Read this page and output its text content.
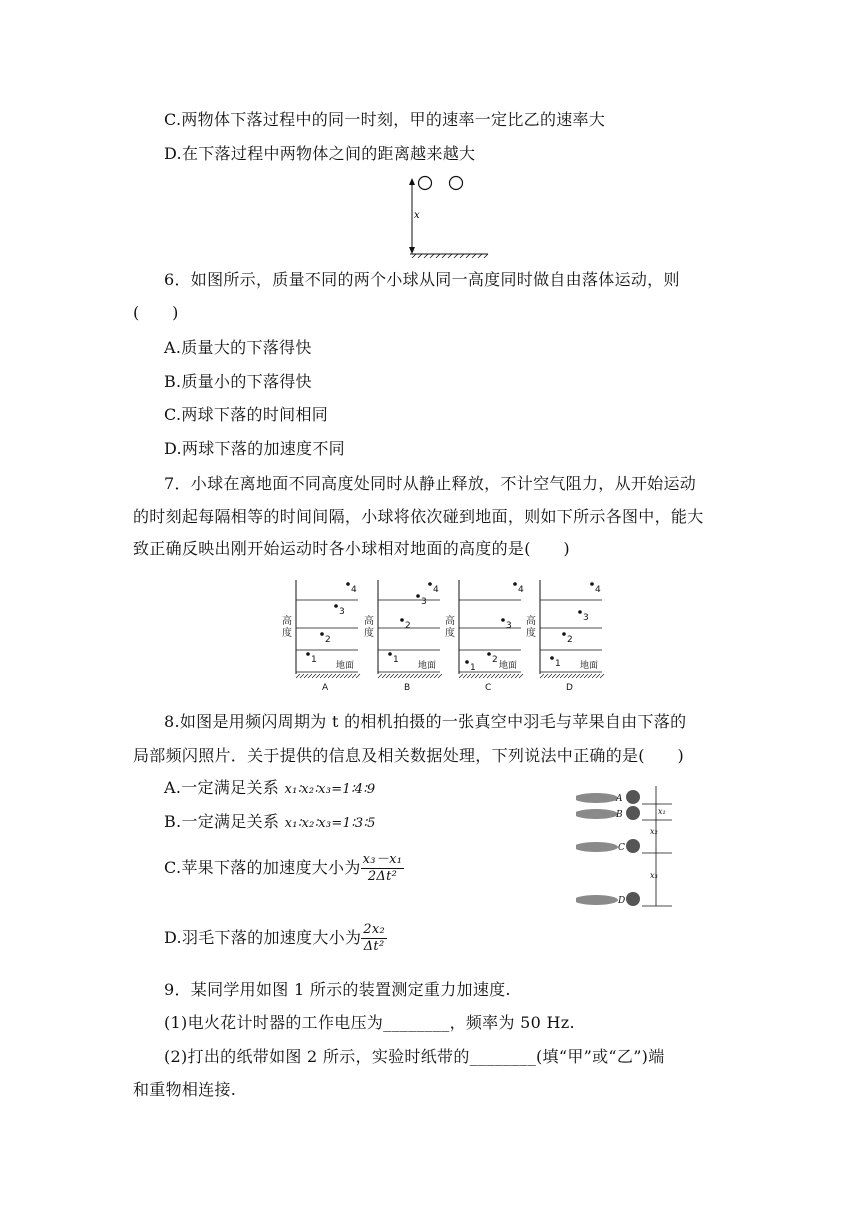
C.两物体下落过程中的同一时刻，甲的速率一定比乙的速率大
D.在下落过程中两物体之间的距离越来越大
x
6．如图所示，质量不同的两个小球从同一高度同时做自由落体运动，则
(　　)
A.质量大的下落得快
B.质量小的下落得快
C.两球下落的时间相同
D.两球下落的加速度不同
7．小球在离地面不同高度处同时从静止释放，不计空气阻力，从开始运动
的时刻起每隔相等的时间间隔，小球将依次碰到地面，则如下所示各图中，能大
致正确反映出刚开始运动时各小球相对地面的高度的是(　　)
高
度
地面
1
2
3
4
A
高
度
地面
1
2
3
4
B
高
度
地面
1
2
3
4
C
高
度
地面
1
2
3
4
D
8.如图是用频闪周期为 t 的相机拍摄的一张真空中羽毛与苹果自由下落的
局部频闪照片．关于提供的信息及相关数据处理，下列说法中正确的是(　　)
A.一定满足关系 x₁∶x₂∶x₃=1∶4∶9
B.一定满足关系 x₁∶x₂∶x₃=1∶3∶5
C.苹果下落的加速度大小为 $\frac{\text{x₃－x₁}}{\text{2Δt²}}$
D.羽毛下落的加速度大小为 $\frac{\text{2x₂}}{\text{Δt²}}$
A
B
C
D
x₁
x₂
x₃
9．某同学用如图 1 所示的装置测定重力加速度.
(1)电火花计时器的工作电压为________，频率为 50 Hz.
(2)打出的纸带如图 2 所示，实验时纸带的________(填“甲”或“乙”)端
和重物相连接.
